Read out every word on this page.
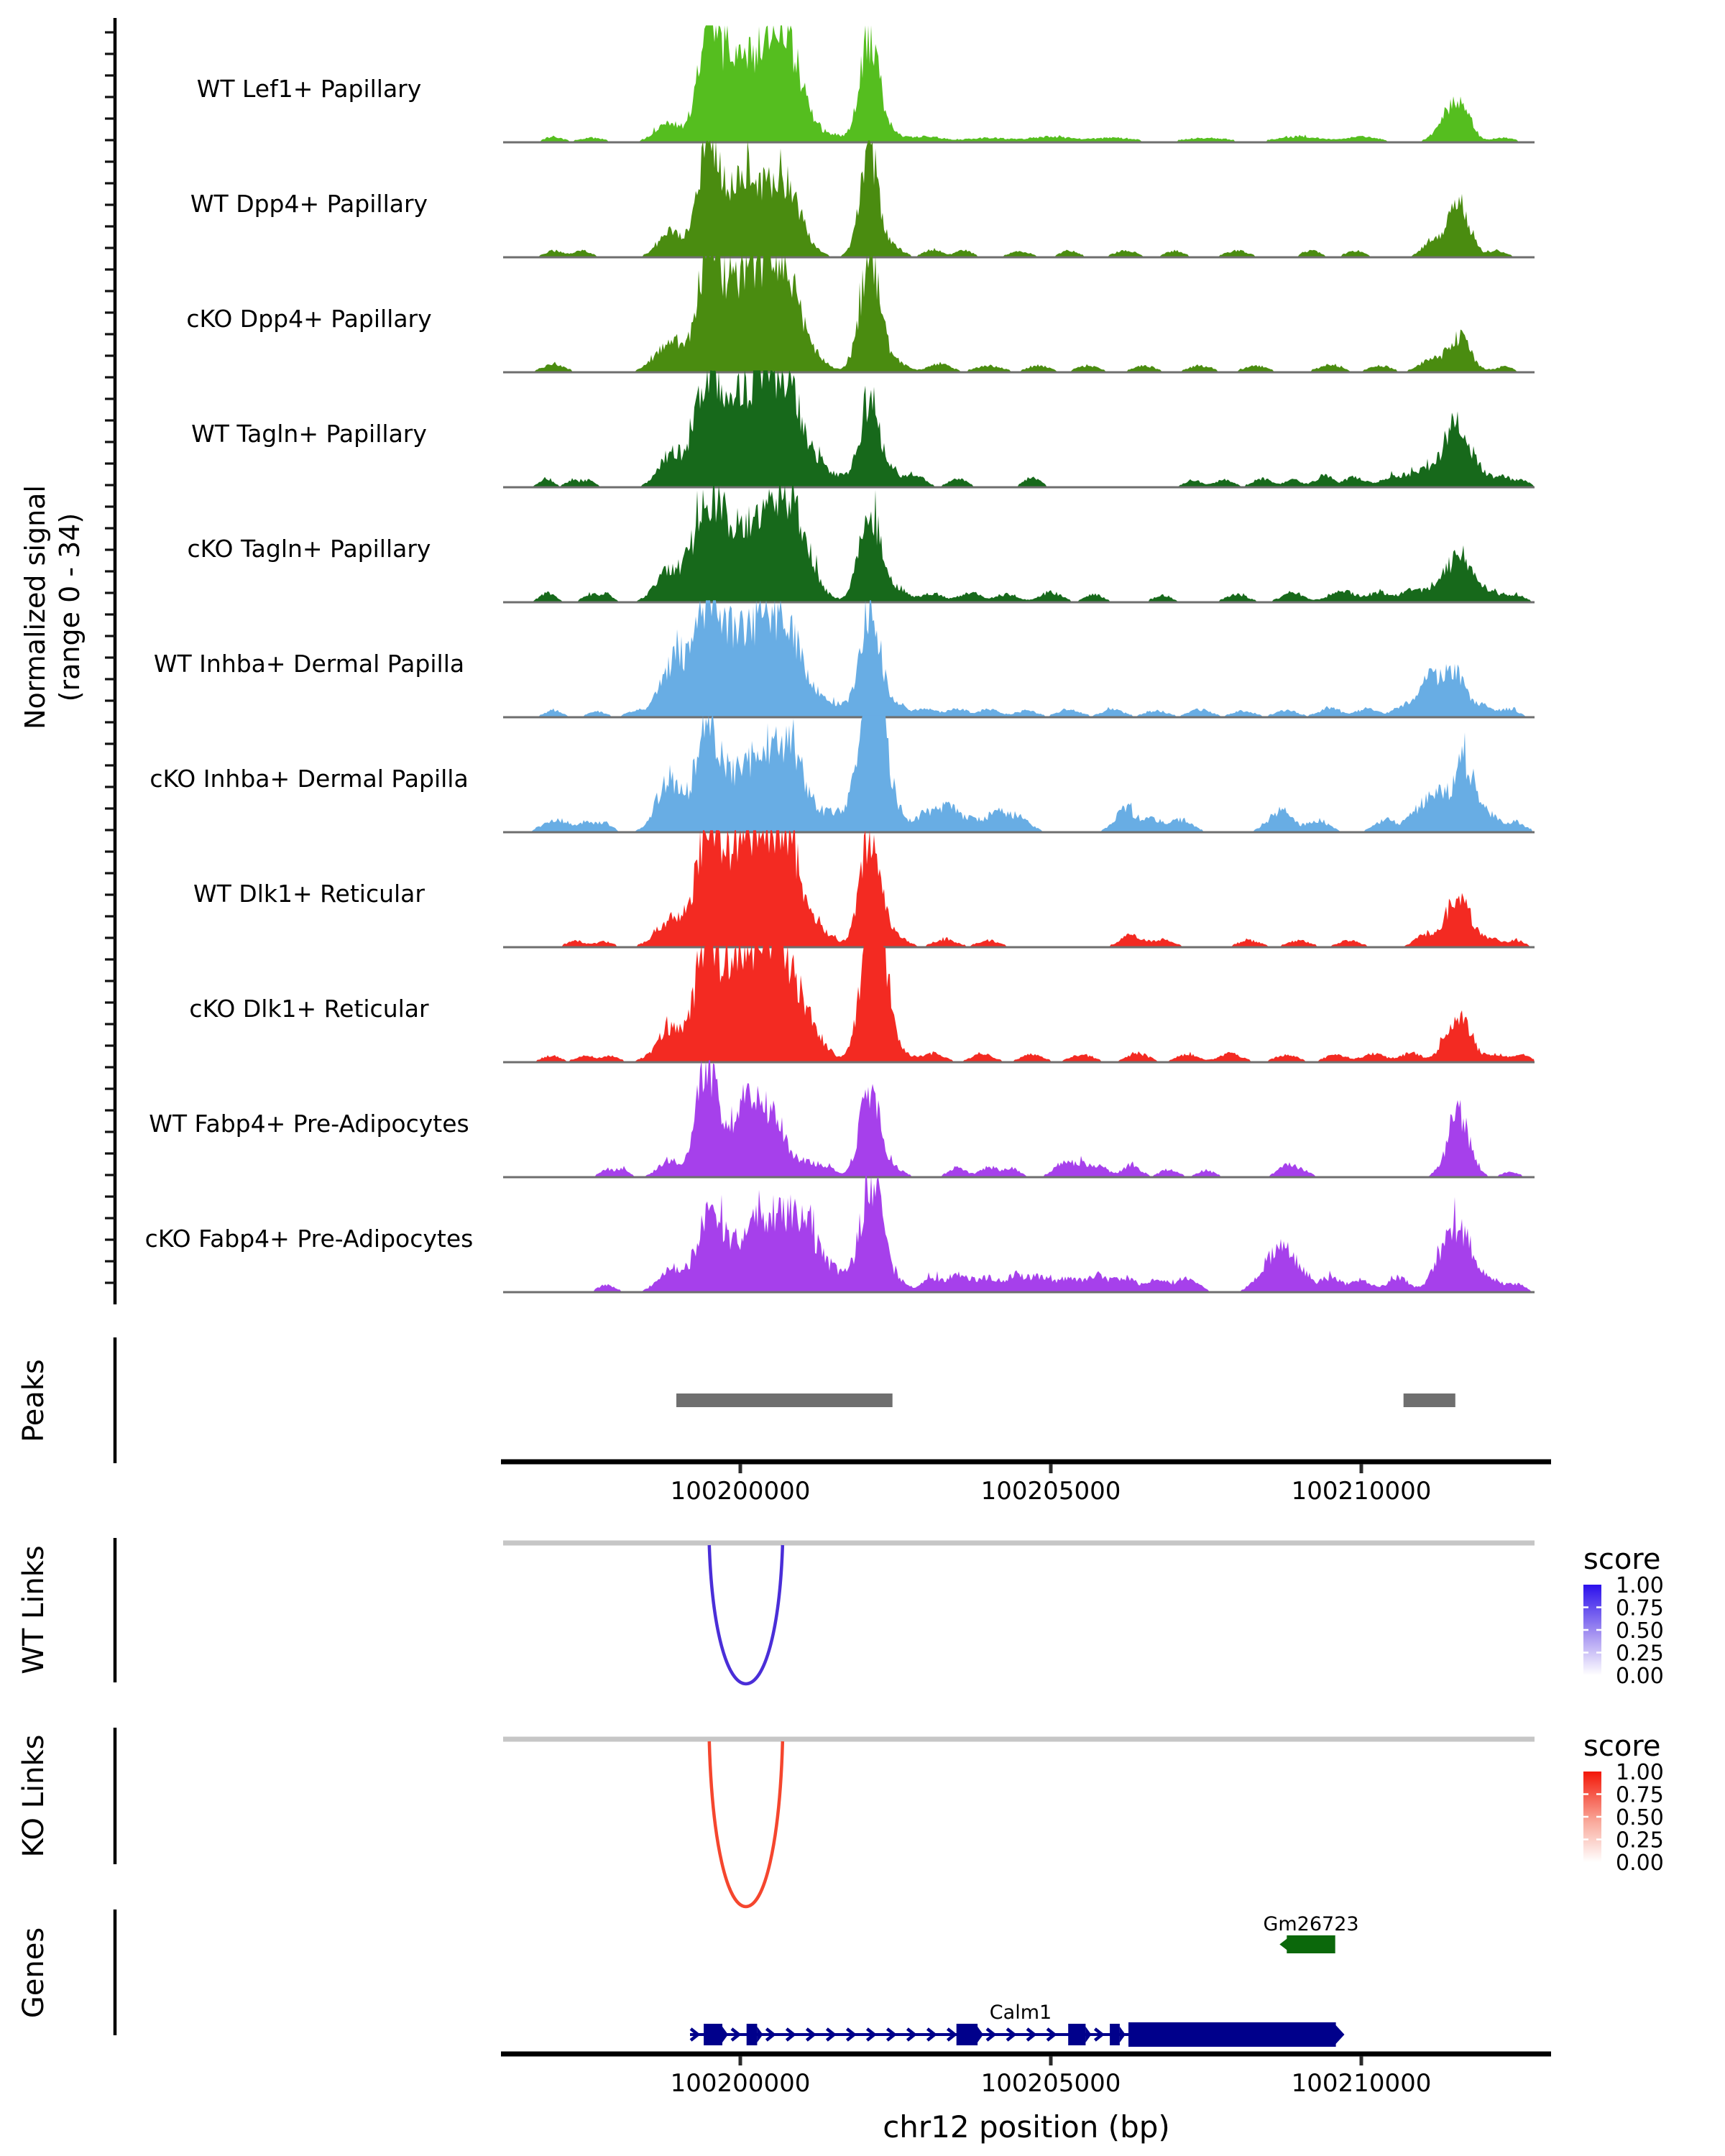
Normalized signal (range 0 - 34)
WT Lef1+ Papillary
WT Dpp4+ Papillary
cKO Dpp4+ Papillary
WT Tagln+ Papillary
cKO Tagln+ Papillary
WT Inhba+ Dermal Papilla
cKO Inhba+ Dermal Papilla
WT Dlk1+ Reticular
cKO Dlk1+ Reticular
WT Fabp4+ Pre-Adipocytes
cKO Fabp4+ Pre-Adipocytes
Peaks
100200000	100205000	100210000
WT Links	score
1.00
0.75
0.50
0.25
0.00
KO Links	score
1.00
0.75
0.50
0.25
0.00
Genes
Gm26723
Calm1
100200000	100205000	100210000
chr12 position (bp)
